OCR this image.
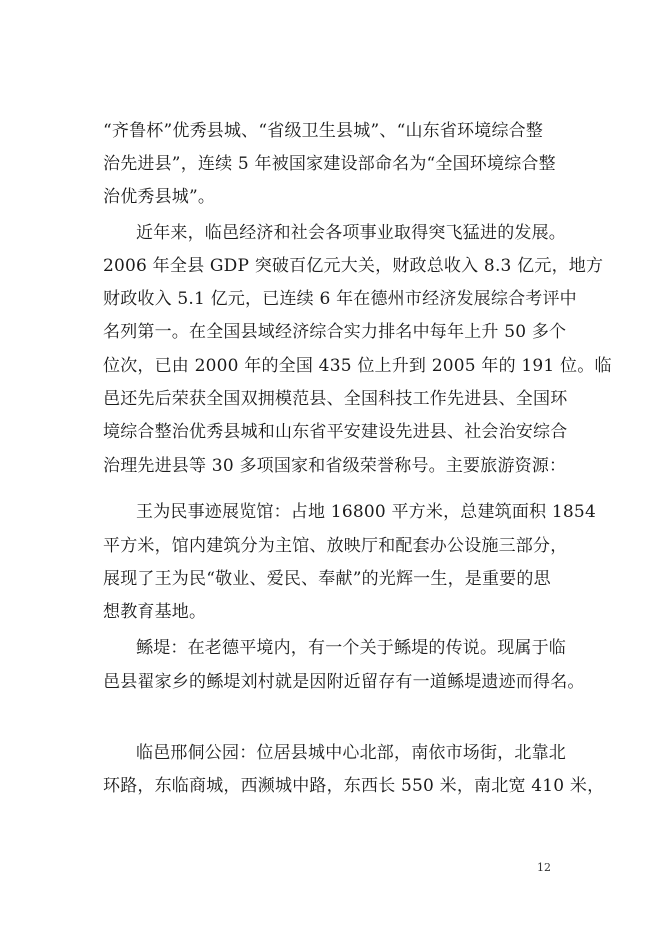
“齐鲁杯”优秀县城、“省级卫生县城”、“山东省环境综合整
治先进县”，连续 5 年被国家建设部命名为“全国环境综合整
治优秀县城”。
近年来，临邑经济和社会各项事业取得突飞猛进的发展。
2006 年全县 GDP 突破百亿元大关，财政总收入 8.3 亿元，地方
财政收入 5.1 亿元，已连续 6 年在德州市经济发展综合考评中
名列第一。在全国县域经济综合实力排名中每年上升 50 多个
位次，已由 2000 年的全国 435 位上升到 2005 年的 191 位。临
邑还先后荣获全国双拥模范县、全国科技工作先进县、全国环
境综合整治优秀县城和山东省平安建设先进县、社会治安综合
治理先进县等 30 多项国家和省级荣誉称号。主要旅游资源：
王为民事迹展览馆：占地 16800 平方米，总建筑面积 1854
平方米，馆内建筑分为主馆、放映厅和配套办公设施三部分，
展现了王为民“敬业、爱民、奉献”的光辉一生，是重要的思
想教育基地。
鲧堤：在老德平境内，有一个关于鲧堤的传说。现属于临
邑县翟家乡的鲧堤刘村就是因附近留存有一道鲧堤遗迹而得名。
临邑邢侗公园：位居县城中心北部，南依市场街，北靠北
环路，东临商城，西濒城中路，东西长 550 米，南北宽 410 米，
12
